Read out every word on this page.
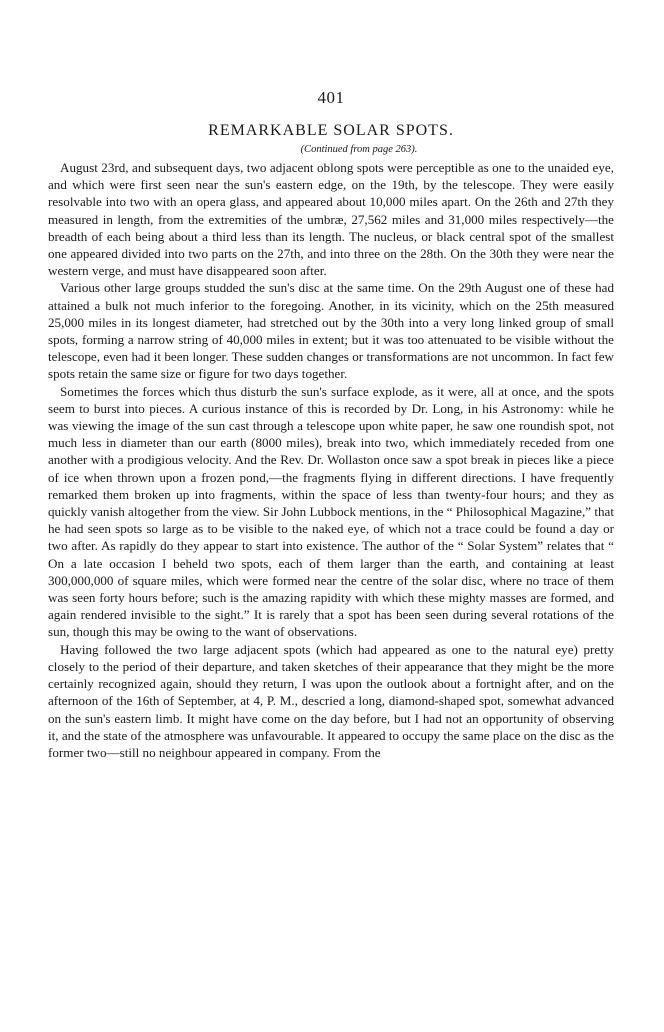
401
REMARKABLE SOLAR SPOTS.
(Continued from page 263).

August 23rd, and subsequent days, two adjacent oblong spots were perceptible as one to the unaided eye, and which were first seen near the sun's eastern edge, on the 19th, by the telescope. They were easily resolvable into two with an opera glass, and appeared about 10,000 miles apart. On the 26th and 27th they measured in length, from the extremities of the umbræ, 27,562 miles and 31,000 miles respectively—the breadth of each being about a third less than its length. The nucleus, or black central spot of the smallest one appeared divided into two parts on the 27th, and into three on the 28th. On the 30th they were near the western verge, and must have disappeared soon after.

Various other large groups studded the sun's disc at the same time. On the 29th August one of these had attained a bulk not much inferior to the foregoing. Another, in its vicinity, which on the 25th measured 25,000 miles in its longest diameter, had stretched out by the 30th into a very long linked group of small spots, forming a narrow string of 40,000 miles in extent; but it was too attenuated to be visible without the telescope, even had it been longer. These sudden changes or transformations are not uncommon. In fact few spots retain the same size or figure for two days together.

Sometimes the forces which thus disturb the sun's surface explode, as it were, all at once, and the spots seem to burst into pieces. A curious instance of this is recorded by Dr. Long, in his Astronomy: while he was viewing the image of the sun cast through a telescope upon white paper, he saw one roundish spot, not much less in diameter than our earth (8000 miles), break into two, which immediately receded from one another with a prodigious velocity. And the Rev. Dr. Wollaston once saw a spot break in pieces like a piece of ice when thrown upon a frozen pond,—the fragments flying in different directions. I have frequently remarked them broken up into fragments, within the space of less than twenty-four hours; and they as quickly vanish altogether from the view. Sir John Lubbock mentions, in the “ Philosophical Magazine,” that he had seen spots so large as to be visible to the naked eye, of which not a trace could be found a day or two after. As rapidly do they appear to start into existence. The author of the “ Solar System” relates that “ On a late occasion I beheld two spots, each of them larger than the earth, and containing at least 300,000,000 of square miles, which were formed near the centre of the solar disc, where no trace of them was seen forty hours before; such is the amazing rapidity with which these mighty masses are formed, and again rendered invisible to the sight.” It is rarely that a spot has been seen during several rotations of the sun, though this may be owing to the want of observations.

Having followed the two large adjacent spots (which had appeared as one to the natural eye) pretty closely to the period of their departure, and taken sketches of their appearance that they might be the more certainly recognized again, should they return, I was upon the outlook about a fortnight after, and on the afternoon of the 16th of September, at 4, P. M., descried a long, diamond-shaped spot, somewhat advanced on the sun's eastern limb. It might have come on the day before, but I had not an opportunity of observing it, and the state of the atmosphere was unfavourable. It appeared to occupy the same place on the disc as the former two—still no neighbour appeared in company. From the
